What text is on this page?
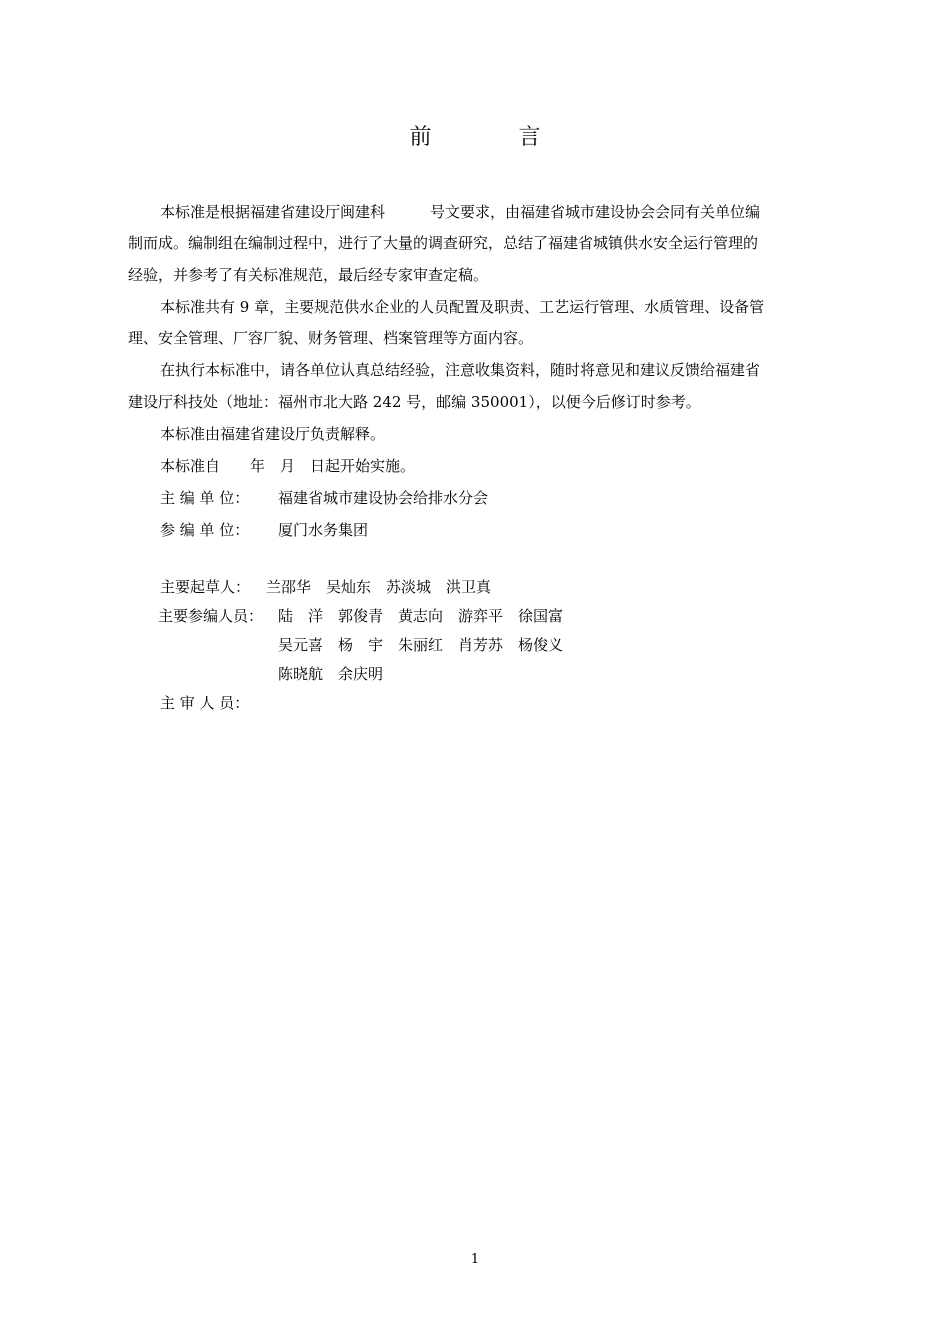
前 言
本标准是根据福建省建设厅闽建科　　　号文要求，由福建省城市建设协会会同有关单位编
制而成。编制组在编制过程中，进行了大量的调查研究，总结了福建省城镇供水安全运行管理的
经验，并参考了有关标准规范，最后经专家审查定稿。
本标准共有 9 章，主要规范供水企业的人员配置及职责、工艺运行管理、水质管理、设备管
理、安全管理、厂容厂貌、财务管理、档案管理等方面内容。
在执行本标准中，请各单位认真总结经验，注意收集资料，随时将意见和建议反馈给福建省
建设厅科技处（地址：福州市北大路 242 号，邮编 350001），以便今后修订时参考。
本标准由福建省建设厅负责解释。
本标准自　　年　月　日起开始实施。
主 编 单 位： 福建省城市建设协会给排水分会
参 编 单 位： 厦门水务集团
主要起草人： 兰邵华　吴灿东　苏淡城　洪卫真
主要参编人员： 陆　洋　郭俊青　黄志向　游弈平　徐国富
吴元喜　杨　宇　朱丽红　肖芳苏　杨俊义
陈晓航　余庆明
主 审 人 员：
1
